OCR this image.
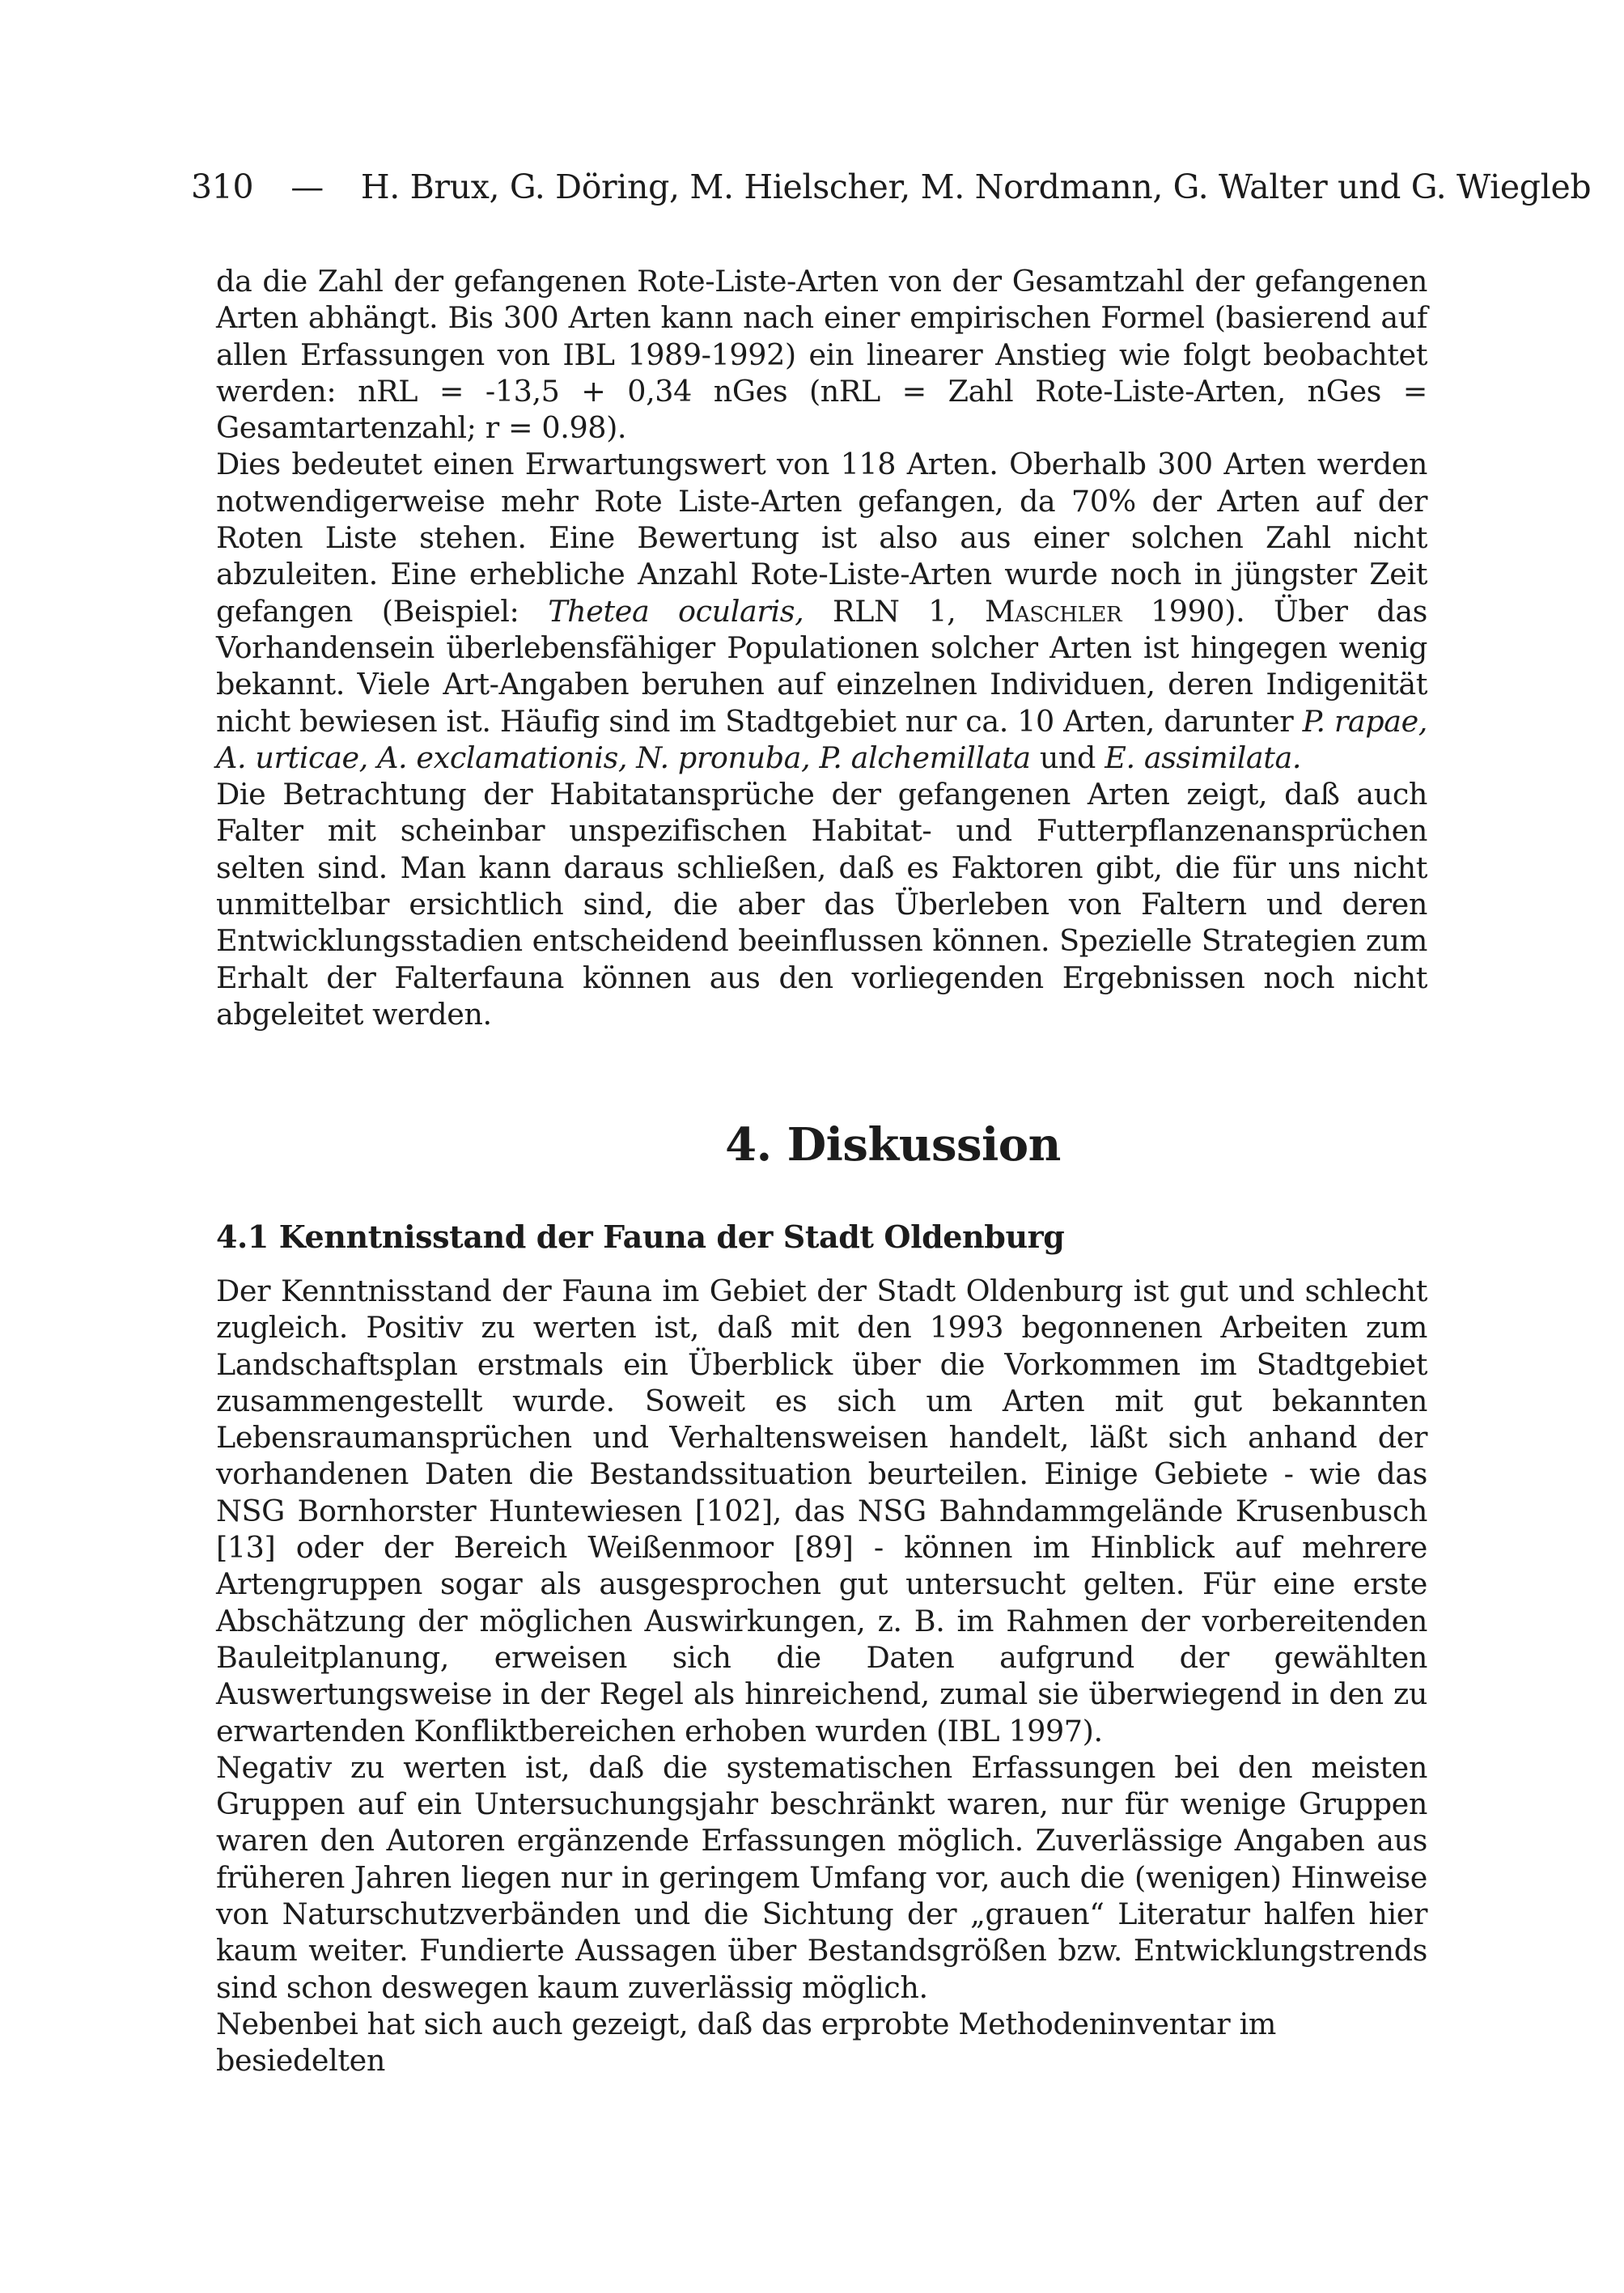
310 — H. Brux, G. Döring, M. Hielscher, M. Nordmann, G. Walter und G. Wiegleb

da die Zahl der gefangenen Rote-Liste-Arten von der Gesamtzahl der gefangenen Arten abhängt. Bis 300 Arten kann nach einer empirischen Formel (basierend auf allen Erfassungen von IBL 1989-1992) ein linearer Anstieg wie folgt beobachtet werden: nRL = -13,5 + 0,34 nGes (nRL = Zahl Rote-Liste-Arten, nGes = Gesamtartenzahl; r = 0.98).

Dies bedeutet einen Erwartungswert von 118 Arten. Oberhalb 300 Arten werden notwendigerweise mehr Rote Liste-Arten gefangen, da 70% der Arten auf der Roten Liste stehen. Eine Bewertung ist also aus einer solchen Zahl nicht abzuleiten. Eine erhebliche Anzahl Rote-Liste-Arten wurde noch in jüngster Zeit gefangen (Beispiel: Thetea ocularis, RLN 1, Maschler 1990). Über das Vorhandensein überlebensfähiger Populationen solcher Arten ist hingegen wenig bekannt. Viele Art-Angaben beruhen auf einzelnen Individuen, deren Indigenität nicht bewiesen ist. Häufig sind im Stadtgebiet nur ca. 10 Arten, darunter P. rapae, A. urticae, A. exclamationis, N. pronuba, P. alchemillata und E. assimilata.

Die Betrachtung der Habitatansprüche der gefangenen Arten zeigt, daß auch Falter mit scheinbar unspezifischen Habitat- und Futterpflanzenansprüchen selten sind. Man kann daraus schließen, daß es Faktoren gibt, die für uns nicht unmittelbar ersichtlich sind, die aber das Überleben von Faltern und deren Entwicklungsstadien entscheidend beeinflussen können. Spezielle Strategien zum Erhalt der Falterfauna können aus den vorliegenden Ergebnissen noch nicht abgeleitet werden.

4. Diskussion
4.1 Kenntnisstand der Fauna der Stadt Oldenburg

Der Kenntnisstand der Fauna im Gebiet der Stadt Oldenburg ist gut und schlecht zugleich. Positiv zu werten ist, daß mit den 1993 begonnenen Arbeiten zum Landschaftsplan erstmals ein Überblick über die Vorkommen im Stadtgebiet zusammengestellt wurde. Soweit es sich um Arten mit gut bekannten Lebensraumansprüchen und Verhaltensweisen handelt, läßt sich anhand der vorhandenen Daten die Bestandssituation beurteilen. Einige Gebiete - wie das NSG Bornhorster Huntewiesen [102], das NSG Bahndammgelände Krusenbusch [13] oder der Bereich Weißenmoor [89] - können im Hinblick auf mehrere Artengruppen sogar als ausgesprochen gut untersucht gelten. Für eine erste Abschätzung der möglichen Auswirkungen, z. B. im Rahmen der vorbereitenden Bauleitplanung, erweisen sich die Daten aufgrund der gewählten Auswertungsweise in der Regel als hinreichend, zumal sie überwiegend in den zu erwartenden Konfliktbereichen erhoben wurden (IBL 1997).

Negativ zu werten ist, daß die systematischen Erfassungen bei den meisten Gruppen auf ein Untersuchungsjahr beschränkt waren, nur für wenige Gruppen waren den Autoren ergänzende Erfassungen möglich. Zuverlässige Angaben aus früheren Jahren liegen nur in geringem Umfang vor, auch die (wenigen) Hinweise von Naturschutzverbänden und die Sichtung der „grauen“ Literatur halfen hier kaum weiter. Fundierte Aussagen über Bestandsgrößen bzw. Entwicklungstrends sind schon deswegen kaum zuverlässig möglich.

Nebenbei hat sich auch gezeigt, daß das erprobte Methodeninventar im besiedelten
